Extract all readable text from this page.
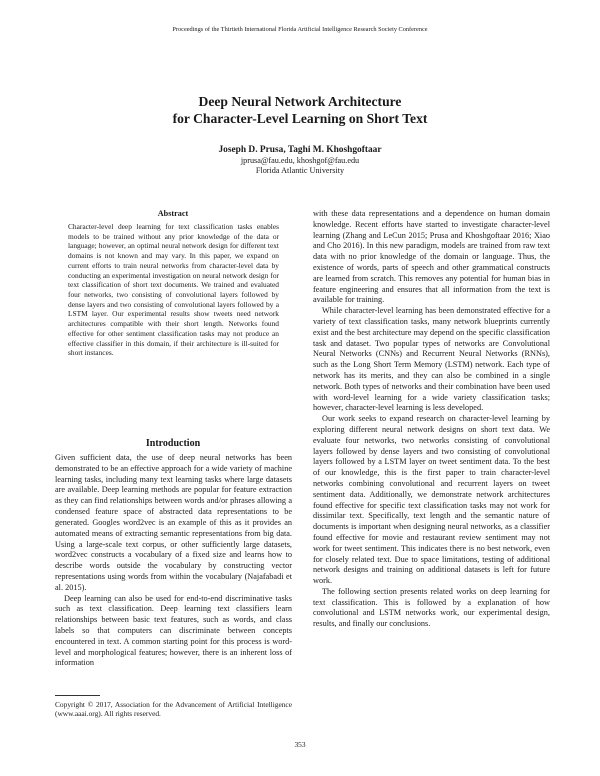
Proceedings of the Thirtieth International Florida Artificial Intelligence Research Society Conference
Deep Neural Network Architecture
for Character-Level Learning on Short Text
Joseph D. Prusa, Taghi M. Khoshgoftaar
jprusa@fau.edu, khoshgof@fau.edu
Florida Atlantic University
Abstract
Character-level deep learning for text classification tasks enables models to be trained without any prior knowledge of the data or language; however, an optimal neural network design for different text domains is not known and may vary. In this paper, we expand on current efforts to train neural networks from character-level data by conducting an experimental investigation on neural network design for text classification of short text documents. We trained and evaluated four networks, two consisting of convolutional layers followed by dense layers and two consisting of convolutional layers followed by a LSTM layer. Our experimental results show tweets need network architectures compatible with their short length. Networks found effective for other sentiment classification tasks may not produce an effective classifier in this domain, if their architecture is ill-suited for short instances.
Introduction

Given sufficient data, the use of deep neural networks has been demonstrated to be an effective approach for a wide variety of machine learning tasks, including many text learning tasks where large datasets are available. Deep learning methods are popular for feature extraction as they can find relationships between words and/or phrases allowing a condensed feature space of abstracted data representations to be generated. Googles word2vec is an example of this as it provides an automated means of extracting semantic representations from big data. Using a large-scale text corpus, or other sufficiently large datasets, word2vec constructs a vocabulary of a fixed size and learns how to describe words outside the vocabulary by constructing vector representations using words from within the vocabulary (Najafabadi et al. 2015).

Deep learning can also be used for end-to-end discriminative tasks such as text classification. Deep learning text classifiers learn relationships between basic text features, such as words, and class labels so that computers can discriminate between concepts encountered in text. A common starting point for this process is word-level and morphological features; however, there is an inherent loss of information

Copyright © 2017, Association for the Advancement of Artificial Intelligence (www.aaai.org). All rights reserved.

with these data representations and a dependence on human domain knowledge. Recent efforts have started to investigate character-level learning (Zhang and LeCun 2015; Prusa and Khoshgoftaar 2016; Xiao and Cho 2016). In this new paradigm, models are trained from raw text data with no prior knowledge of the domain or language. Thus, the existence of words, parts of speech and other grammatical constructs are learned from scratch. This removes any potential for human bias in feature engineering and ensures that all information from the text is available for training.

While character-level learning has been demonstrated effective for a variety of text classification tasks, many network blueprints currently exist and the best architecture may depend on the specific classification task and dataset. Two popular types of networks are Convolutional Neural Networks (CNNs) and Recurrent Neural Networks (RNNs), such as the Long Short Term Memory (LSTM) network. Each type of network has its merits, and they can also be combined in a single network. Both types of networks and their combination have been used with word-level learning for a wide variety classification tasks; however, character-level learning is less developed.

Our work seeks to expand research on character-level learning by exploring different neural network designs on short text data. We evaluate four networks, two networks consisting of convolutional layers followed by dense layers and two consisting of convolutional layers followed by a LSTM layer on tweet sentiment data. To the best of our knowledge, this is the first paper to train character-level networks combining convolutional and recurrent layers on tweet sentiment data. Additionally, we demonstrate network architectures found effective for specific text classification tasks may not work for dissimilar text. Specifically, text length and the semantic nature of documents is important when designing neural networks, as a classifier found effective for movie and restaurant review sentiment may not work for tweet sentiment. This indicates there is no best network, even for closely related text. Due to space limitations, testing of additional network designs and training on additional datasets is left for future work.

The following section presents related works on deep learning for text classification. This is followed by a explanation of how convolutional and LSTM networks work, our experimental design, results, and finally our conclusions.

353
